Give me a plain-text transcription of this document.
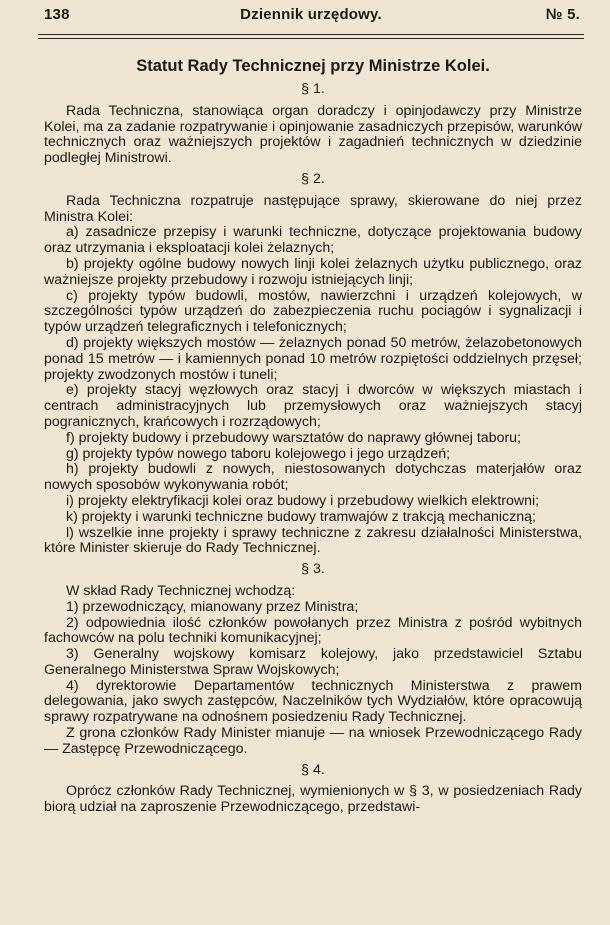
138	Dziennik urzędowy.	№ 5.
Statut Rady Technicznej przy Ministrze Kolei.
§ 1.

Rada Techniczna, stanowiąca organ doradczy i opinjodawczy przy Ministrze Kolei, ma za zadanie rozpatrywanie i opinjowanie zasadniczych przepisów, warunków technicznych oraz ważniejszych projektów i zagadnień technicznych w dziedzinie podległej Ministrowi.

§ 2.

Rada Techniczna rozpatruje następujące sprawy, skierowane do niej przez Ministra Kolei:

a) zasadnicze przepisy i warunki techniczne, dotyczące projektowania budowy oraz utrzymania i eksploatacji kolei żelaznych;

b) projekty ogólne budowy nowych linji kolei żelaznych użytku publicznego, oraz ważniejsze projekty przebudowy i rozwoju istniejących linji;

c) projekty typów budowli, mostów, nawierzchni i urządzeń kolejowych, w szczególności typów urządzeń do zabezpieczenia ruchu pociągów i sygnalizacji i typów urządzeń telegraficznych i telefonicznych;

d) projekty większych mostów — żelaznych ponad 50 metrów, żelazobetonowych ponad 15 metrów — i kamiennych ponad 10 metrów rozpiętości oddzielnych przęseł; projekty zwodzonych mostów i tuneli;

e) projekty stacyj węzłowych oraz stacyj i dworców w większych miastach i centrach administracyjnych lub przemysłowych oraz ważniejszych stacyj pogranicznych, krańcowych i rozrządowych;

f) projekty budowy i przebudowy warsztatów do naprawy głównej taboru;

g) projekty typów nowego taboru kolejowego i jego urządzeń;

h) projekty budowli z nowych, niestosowanych dotychczas materjałów oraz nowych sposobów wykonywania robót;

i) projekty elektryfikacji kolei oraz budowy i przebudowy wielkich elektrowni;

k) projekty i warunki techniczne budowy tramwajów z trakcją mechaniczną;

l) wszelkie inne projekty i sprawy techniczne z zakresu działalności Ministerstwa, które Minister skieruje do Rady Technicznej.

§ 3.

W skład Rady Technicznej wchodzą:

1) przewodniczący, mianowany przez Ministra;

2) odpowiednia ilość członków powołanych przez Ministra z pośród wybitnych fachowców na polu techniki komunikacyjnej;

3) Generalny wojskowy komisarz kolejowy, jako przedstawiciel Sztabu Generalnego Ministerstwa Spraw Wojskowych;

4) dyrektorowie Departamentów technicznych Ministerstwa z prawem delegowania, jako swych zastępców, Naczelników tych Wydziałów, które opracowują sprawy rozpatrywane na odnośnem posiedzeniu Rady Technicznej.

Z grona członków Rady Minister mianuje — na wniosek Przewodniczącego Rady — Zastępcę Przewodniczącego.

§ 4.

Oprócz członków Rady Technicznej, wymienionych w § 3, w posiedzeniach Rady biorą udział na zaproszenie Przewodniczącego, przedstawi-
